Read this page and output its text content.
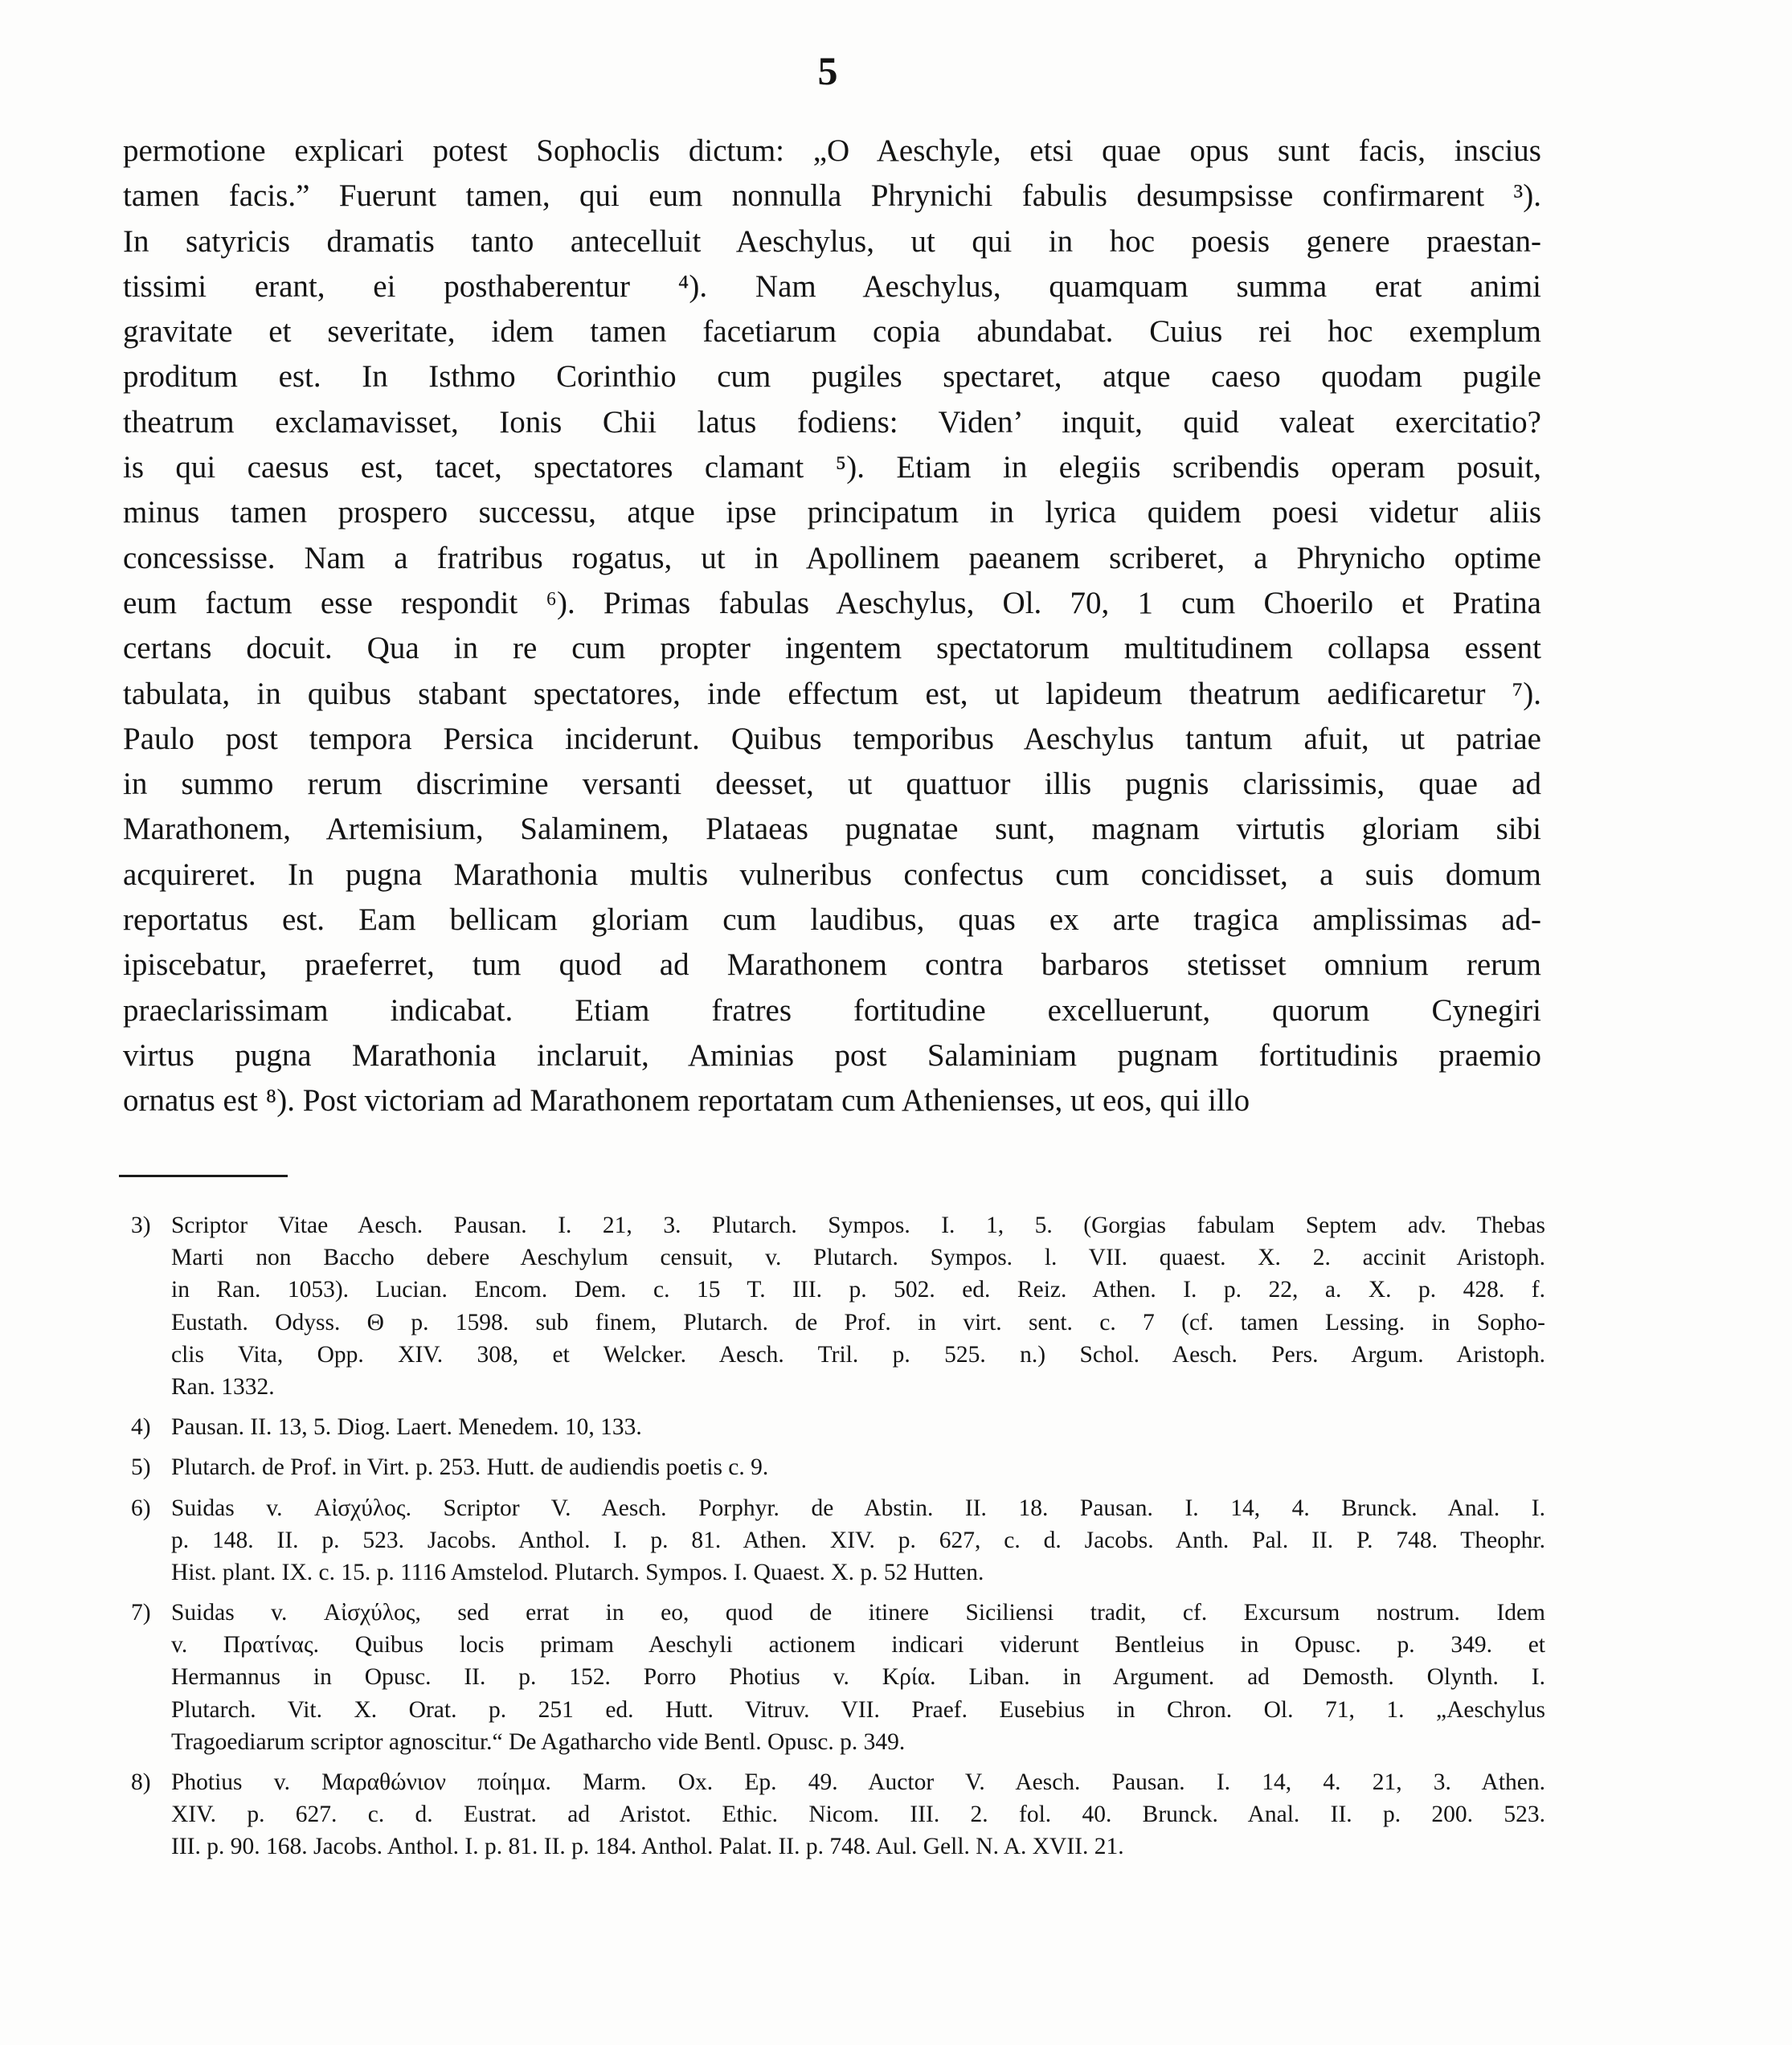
5
permotione explicari potest Sophoclis dictum: „O Aeschyle, etsi quae opus sunt facis, inscius
tamen facis.” Fuerunt tamen, qui eum nonnulla Phrynichi fabulis desumpsisse confirmarent ³).
In satyricis dramatis tanto antecelluit Aeschylus, ut qui in hoc poesis genere praestan-
tissimi erant, ei posthaberentur ⁴). Nam Aeschylus, quamquam summa erat animi
gravitate et severitate, idem tamen facetiarum copia abundabat. Cuius rei hoc exemplum
proditum est. In Isthmo Corinthio cum pugiles spectaret, atque caeso quodam pugile
theatrum exclamavisset, Ionis Chii latus fodiens: Viden’ inquit, quid valeat exercitatio?
is qui caesus est, tacet, spectatores clamant ⁵). Etiam in elegiis scribendis operam posuit,
minus tamen prospero successu, atque ipse principatum in lyrica quidem poesi videtur aliis
concessisse. Nam a fratribus rogatus, ut in Apollinem paeanem scriberet, a Phrynicho optime
eum factum esse respondit ⁶). Primas fabulas Aeschylus, Ol. 70, 1 cum Choerilo et Pratina
certans docuit. Qua in re cum propter ingentem spectatorum multitudinem collapsa essent
tabulata, in quibus stabant spectatores, inde effectum est, ut lapideum theatrum aedificaretur ⁷).
Paulo post tempora Persica inciderunt. Quibus temporibus Aeschylus tantum afuit, ut patriae
in summo rerum discrimine versanti deesset, ut quattuor illis pugnis clarissimis, quae ad
Marathonem, Artemisium, Salaminem, Plataeas pugnatae sunt, magnam virtutis gloriam sibi
acquireret. In pugna Marathonia multis vulneribus confectus cum concidisset, a suis domum
reportatus est. Eam bellicam gloriam cum laudibus, quas ex arte tragica amplissimas ad-
ipiscebatur, praeferret, tum quod ad Marathonem contra barbaros stetisset omnium rerum
praeclarissimam indicabat. Etiam fratres fortitudine excelluerunt, quorum Cynegiri
virtus pugna Marathonia inclaruit, Aminias post Salaminiam pugnam fortitudinis praemio
ornatus est ⁸). Post victoriam ad Marathonem reportatam cum Athenienses, ut eos, qui illo
3) Scriptor Vitae Aesch. Pausan. I. 21, 3. Plutarch. Sympos. I. 1, 5. (Gorgias fabulam Septem adv. Thebas
Marti non Baccho debere Aeschylum censuit, v. Plutarch. Sympos. l. VII. quaest. X. 2. accinit Aristoph.
in Ran. 1053). Lucian. Encom. Dem. c. 15 T. III. p. 502. ed. Reiz. Athen. I. p. 22, a. X. p. 428. f.
Eustath. Odyss. Θ p. 1598. sub finem, Plutarch. de Prof. in virt. sent. c. 7 (cf. tamen Lessing. in Sopho-
clis Vita, Opp. XIV. 308, et Welcker. Aesch. Tril. p. 525. n.) Schol. Aesch. Pers. Argum. Aristoph.
Ran. 1332.
4) Pausan. II. 13, 5. Diog. Laert. Menedem. 10, 133.
5) Plutarch. de Prof. in Virt. p. 253. Hutt. de audiendis poetis c. 9.
6) Suidas v. Αἰσχύλος. Scriptor V. Aesch. Porphyr. de Abstin. II. 18. Pausan. I. 14, 4. Brunck. Anal. I.
p. 148. II. p. 523. Jacobs. Anthol. I. p. 81. Athen. XIV. p. 627, c. d. Jacobs. Anth. Pal. II. P. 748. Theophr.
Hist. plant. IX. c. 15. p. 1116 Amstelod. Plutarch. Sympos. I. Quaest. X. p. 52 Hutten.
7) Suidas v. Αἰσχύλος, sed errat in eo, quod de itinere Siciliensi tradit, cf. Excursum nostrum. Idem
v. Πρατίνας. Quibus locis primam Aeschyli actionem indicari viderunt Bentleius in Opusc. p. 349. et
Hermannus in Opusc. II. p. 152. Porro Photius v. Κρία. Liban. in Argument. ad Demosth. Olynth. I.
Plutarch. Vit. X. Orat. p. 251 ed. Hutt. Vitruv. VII. Praef. Eusebius in Chron. Ol. 71, 1. „Aeschylus
Tragoediarum scriptor agnoscitur.“ De Agatharcho vide Bentl. Opusc. p. 349.
8) Photius v. Μαραθώνιον ποίημα. Marm. Ox. Ep. 49. Auctor V. Aesch. Pausan. I. 14, 4. 21, 3. Athen.
XIV. p. 627. c. d. Eustrat. ad Aristot. Ethic. Nicom. III. 2. fol. 40. Brunck. Anal. II. p. 200. 523.
III. p. 90. 168. Jacobs. Anthol. I. p. 81. II. p. 184. Anthol. Palat. II. p. 748. Aul. Gell. N. A. XVII. 21.
